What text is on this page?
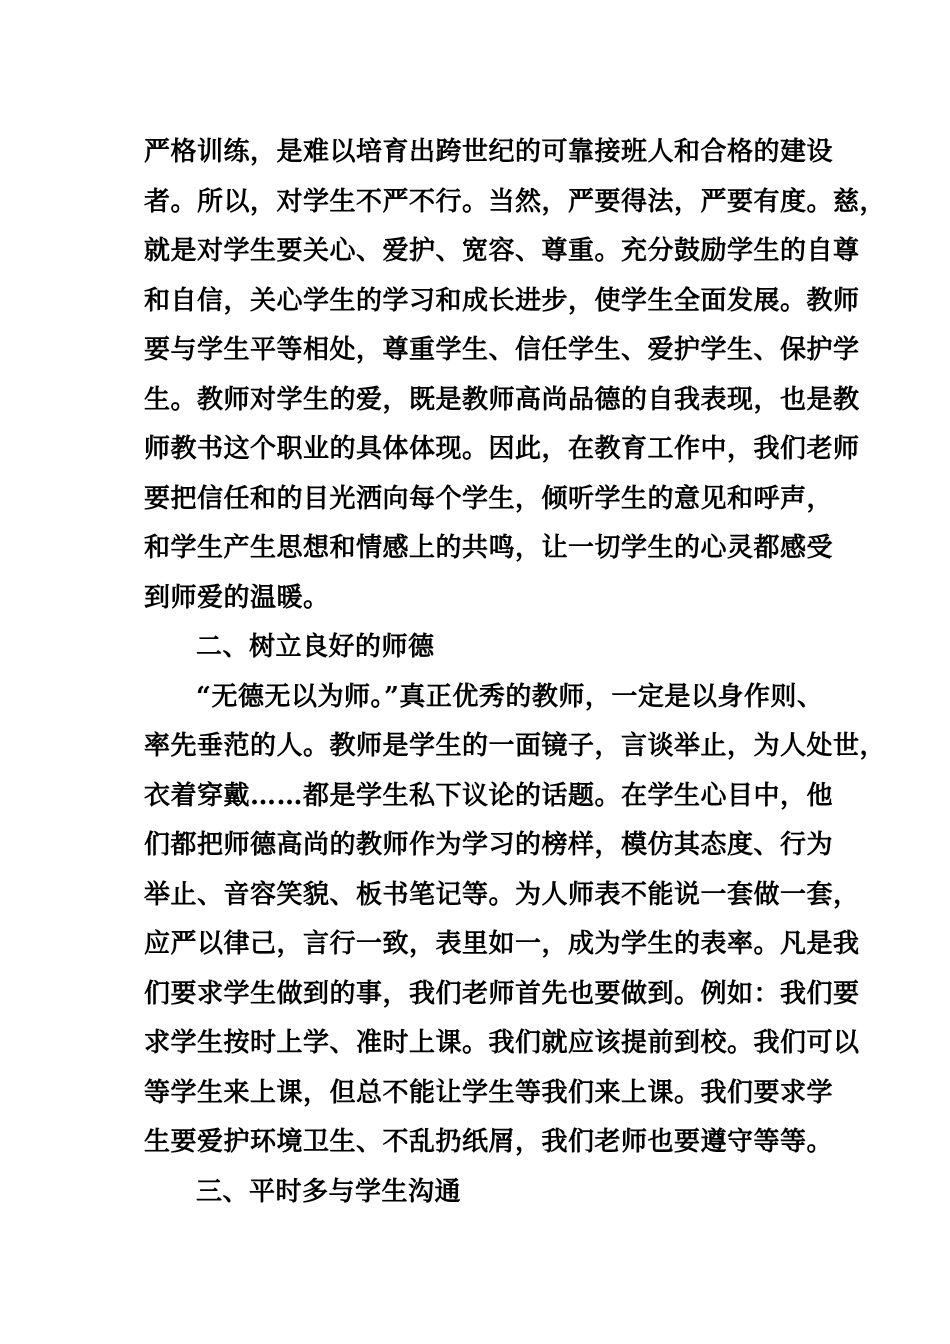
严格训练，是难以培育出跨世纪的可靠接班人和合格的建设
者。所以，对学生不严不行。当然，严要得法，严要有度。慈，
就是对学生要关心、爱护、宽容、尊重。充分鼓励学生的自尊
和自信，关心学生的学习和成长进步，使学生全面发展。教师
要与学生平等相处，尊重学生、信任学生、爱护学生、保护学
生。教师对学生的爱，既是教师高尚品德的自我表现，也是教
师教书这个职业的具体体现。因此，在教育工作中，我们老师
要把信任和的目光洒向每个学生，倾听学生的意见和呼声，
和学生产生思想和情感上的共鸣，让一切学生的心灵都感受
到师爱的温暖。
二、树立良好的师德
“无德无以为师。”真正优秀的教师，一定是以身作则、
率先垂范的人。教师是学生的一面镜子，言谈举止，为人处世，
衣着穿戴……都是学生私下议论的话题。在学生心目中，他
们都把师德高尚的教师作为学习的榜样，模仿其态度、行为
举止、音容笑貌、板书笔记等。为人师表不能说一套做一套，
应严以律己，言行一致，表里如一，成为学生的表率。凡是我
们要求学生做到的事，我们老师首先也要做到。例如：我们要
求学生按时上学、准时上课。我们就应该提前到校。我们可以
等学生来上课，但总不能让学生等我们来上课。我们要求学
生要爱护环境卫生、不乱扔纸屑，我们老师也要遵守等等。
三、平时多与学生沟通
